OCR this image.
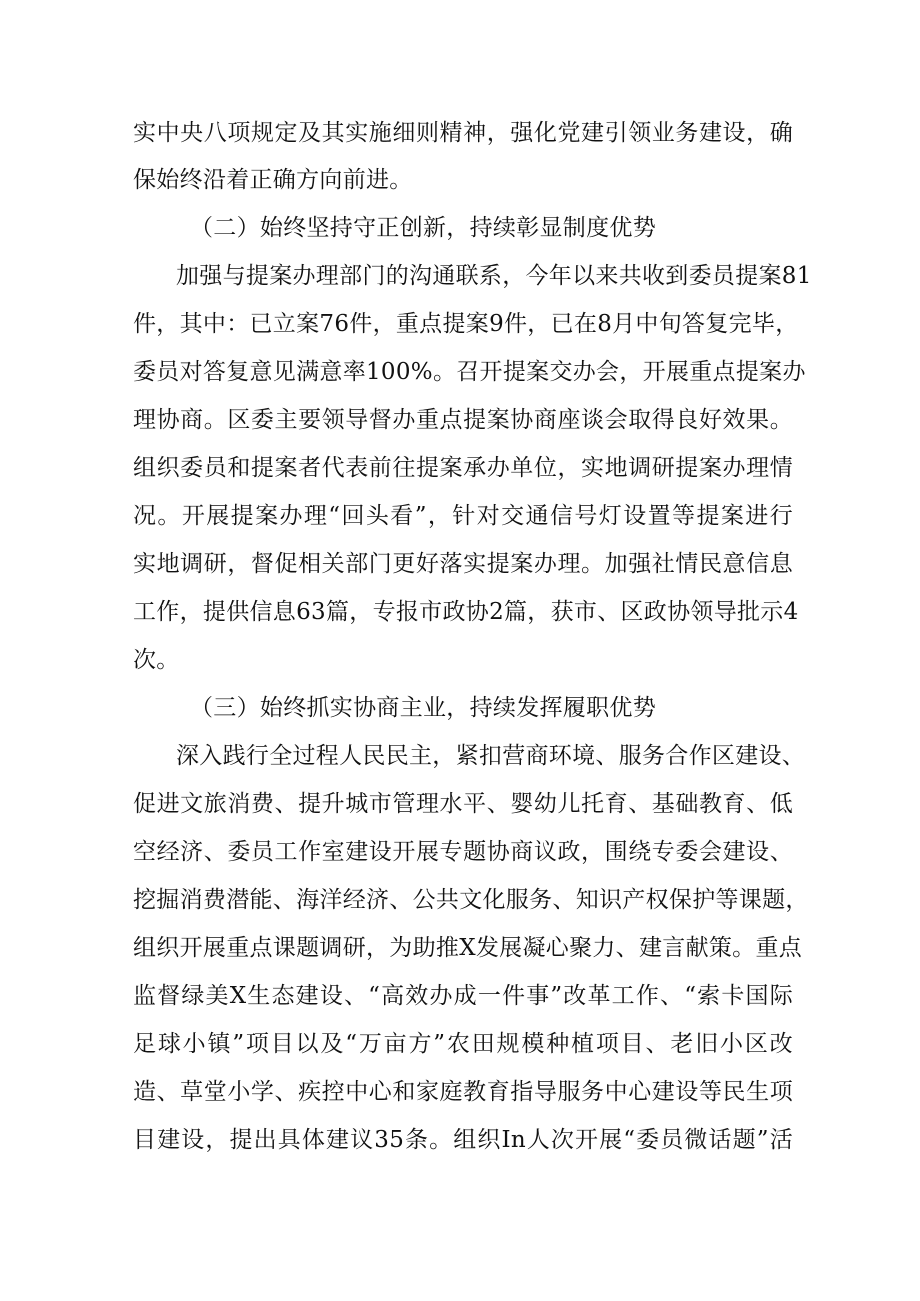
实中央八项规定及其实施细则精神，强化党建引领业务建设，确
保始终沿着正确方向前进。
（二）始终坚持守正创新，持续彰显制度优势
加强与提案办理部门的沟通联系，今年以来共收到委员提案81
件，其中：已立案76件，重点提案9件，已在8月中旬答复完毕，
委员对答复意见满意率100%。召开提案交办会，开展重点提案办
理协商。区委主要领导督办重点提案协商座谈会取得良好效果。
组织委员和提案者代表前往提案承办单位，实地调研提案办理情
况。开展提案办理“回头看”，针对交通信号灯设置等提案进行
实地调研，督促相关部门更好落实提案办理。加强社情民意信息
工作，提供信息63篇，专报市政协2篇，获市、区政协领导批示4
次。
（三）始终抓实协商主业，持续发挥履职优势
深入践行全过程人民民主，紧扣营商环境、服务合作区建设、
促进文旅消费、提升城市管理水平、婴幼儿托育、基础教育、低
空经济、委员工作室建设开展专题协商议政，围绕专委会建设、
挖掘消费潜能、海洋经济、公共文化服务、知识产权保护等课题，
组织开展重点课题调研，为助推X发展凝心聚力、建言献策。重点
监督绿美X生态建设、“高效办成一件事”改革工作、“索卡国际
足球小镇”项目以及“万亩方”农田规模种植项目、老旧小区改
造、草堂小学、疾控中心和家庭教育指导服务中心建设等民生项
目建设，提出具体建议35条。组织In人次开展“委员微话题”活
